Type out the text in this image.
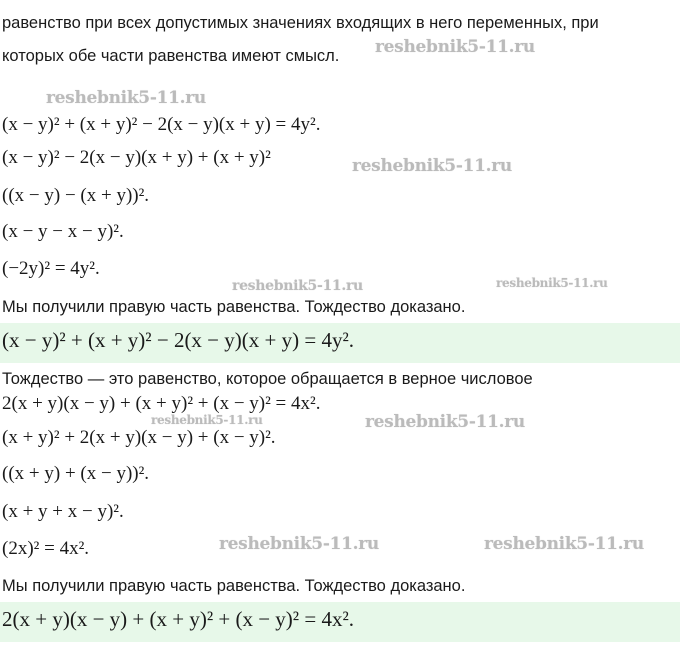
равенство при всех допустимых значениях входящих в него переменных, при
которых обе части равенства имеют смысл.
(x − y)² + (x + y)² − 2(x − y)(x + y) = 4y².
(x − y)² − 2(x − y)(x + y) + (x + y)²
((x − y) − (x + y))².
(x − y − x − y)².
(−2y)² = 4y².
Мы получили правую часть равенства. Тождество доказано.
(x − y)² + (x + y)² − 2(x − y)(x + y) = 4y².
Тождество — это равенство, которое обращается в верное числовое
2(x + y)(x − y) + (x + y)² + (x − y)² = 4x².
(x + y)² + 2(x + y)(x − y) + (x − y)².
((x + y) + (x − y))².
(x + y + x − y)².
(2x)² = 4x².
Мы получили правую часть равенства. Тождество доказано.
2(x + y)(x − y) + (x + y)² + (x − y)² = 4x².
reshebnik5-11.ru
reshebnik5-11.ru
reshebnik5-11.ru
reshebnik5-11.ru	reshebnik5-11.ru
reshebnik5-11.ru	reshebnik5-11.ru
reshebnik5-11.ru	reshebnik5-11.ru
